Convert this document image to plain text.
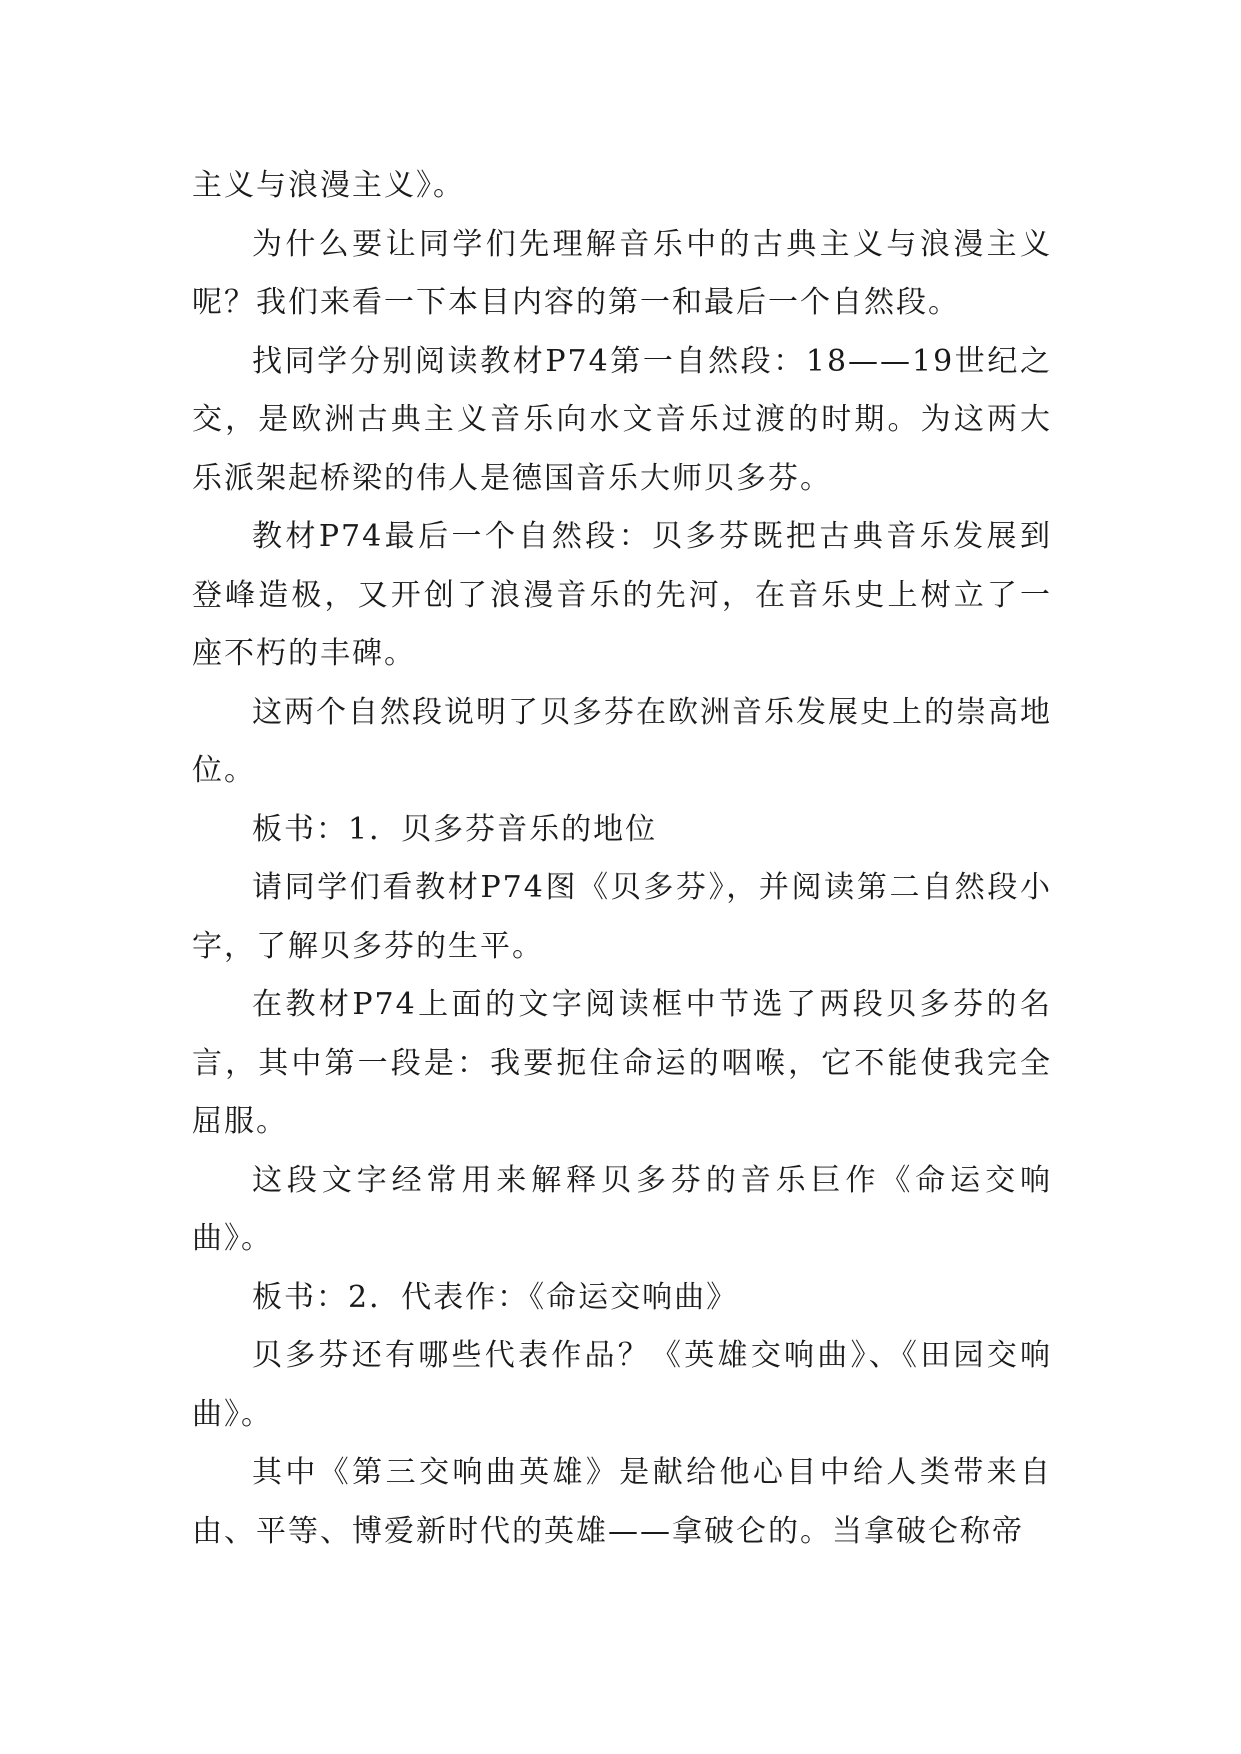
主义与浪漫主义》。

为什么要让同学们先理解音乐中的古典主义与浪漫主义呢？我们来看一下本目内容的第一和最后一个自然段。

找同学分别阅读教材P74第一自然段：18——19世纪之交，是欧洲古典主义音乐向水文音乐过渡的时期。为这两大乐派架起桥梁的伟人是德国音乐大师贝多芬。

教材P74最后一个自然段：贝多芬既把古典音乐发展到登峰造极，又开创了浪漫音乐的先河，在音乐史上树立了一座不朽的丰碑。

这两个自然段说明了贝多芬在欧洲音乐发展史上的崇高地位。

板书：1．贝多芬音乐的地位

请同学们看教材P74图《贝多芬》，并阅读第二自然段小字，了解贝多芬的生平。

在教材P74上面的文字阅读框中节选了两段贝多芬的名言，其中第一段是：我要扼住命运的咽喉，它不能使我完全屈服。

这段文字经常用来解释贝多芬的音乐巨作《命运交响曲》。

板书：2．代表作：《命运交响曲》

贝多芬还有哪些代表作品？《英雄交响曲》、《田园交响曲》。

其中《第三交响曲英雄》是献给他心目中给人类带来自由、平等、博爱新时代的英雄——拿破仑的。当拿破仑称帝
